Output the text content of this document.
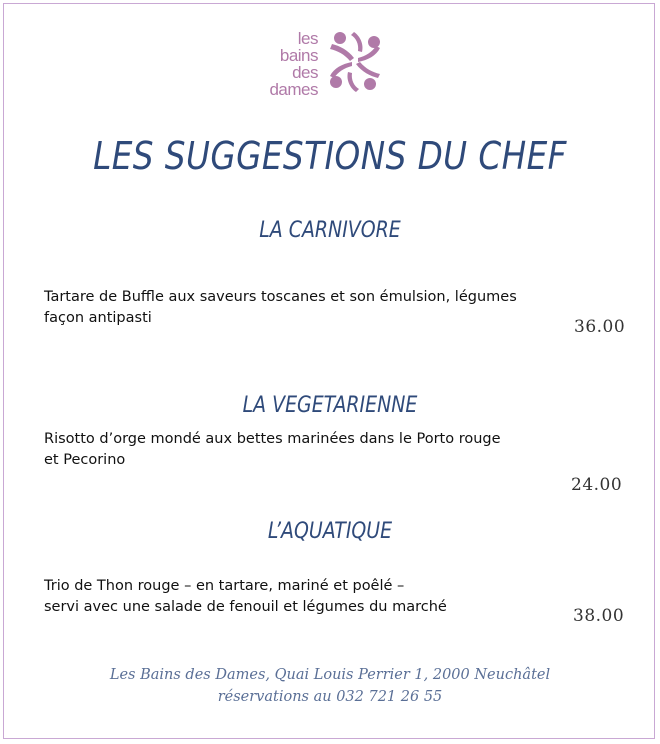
les
bains
des
dames
LES SUGGESTIONS DU CHEF
LA CARNIVORE
Tartare de Buffle aux saveurs toscanes et son émulsion, légumes
façon antipasti	36.00
LA VEGETARIENNE
Risotto d’orge mondé aux bettes marinées dans le Porto rouge
et Pecorino
24.00
L’AQUATIQUE
Trio de Thon rouge – en tartare, mariné et poêlé –
servi avec une salade de fenouil et légumes du marché	38.00
Les Bains des Dames, Quai Louis Perrier 1, 2000 Neuchâtel
réservations au 032 721 26 55
